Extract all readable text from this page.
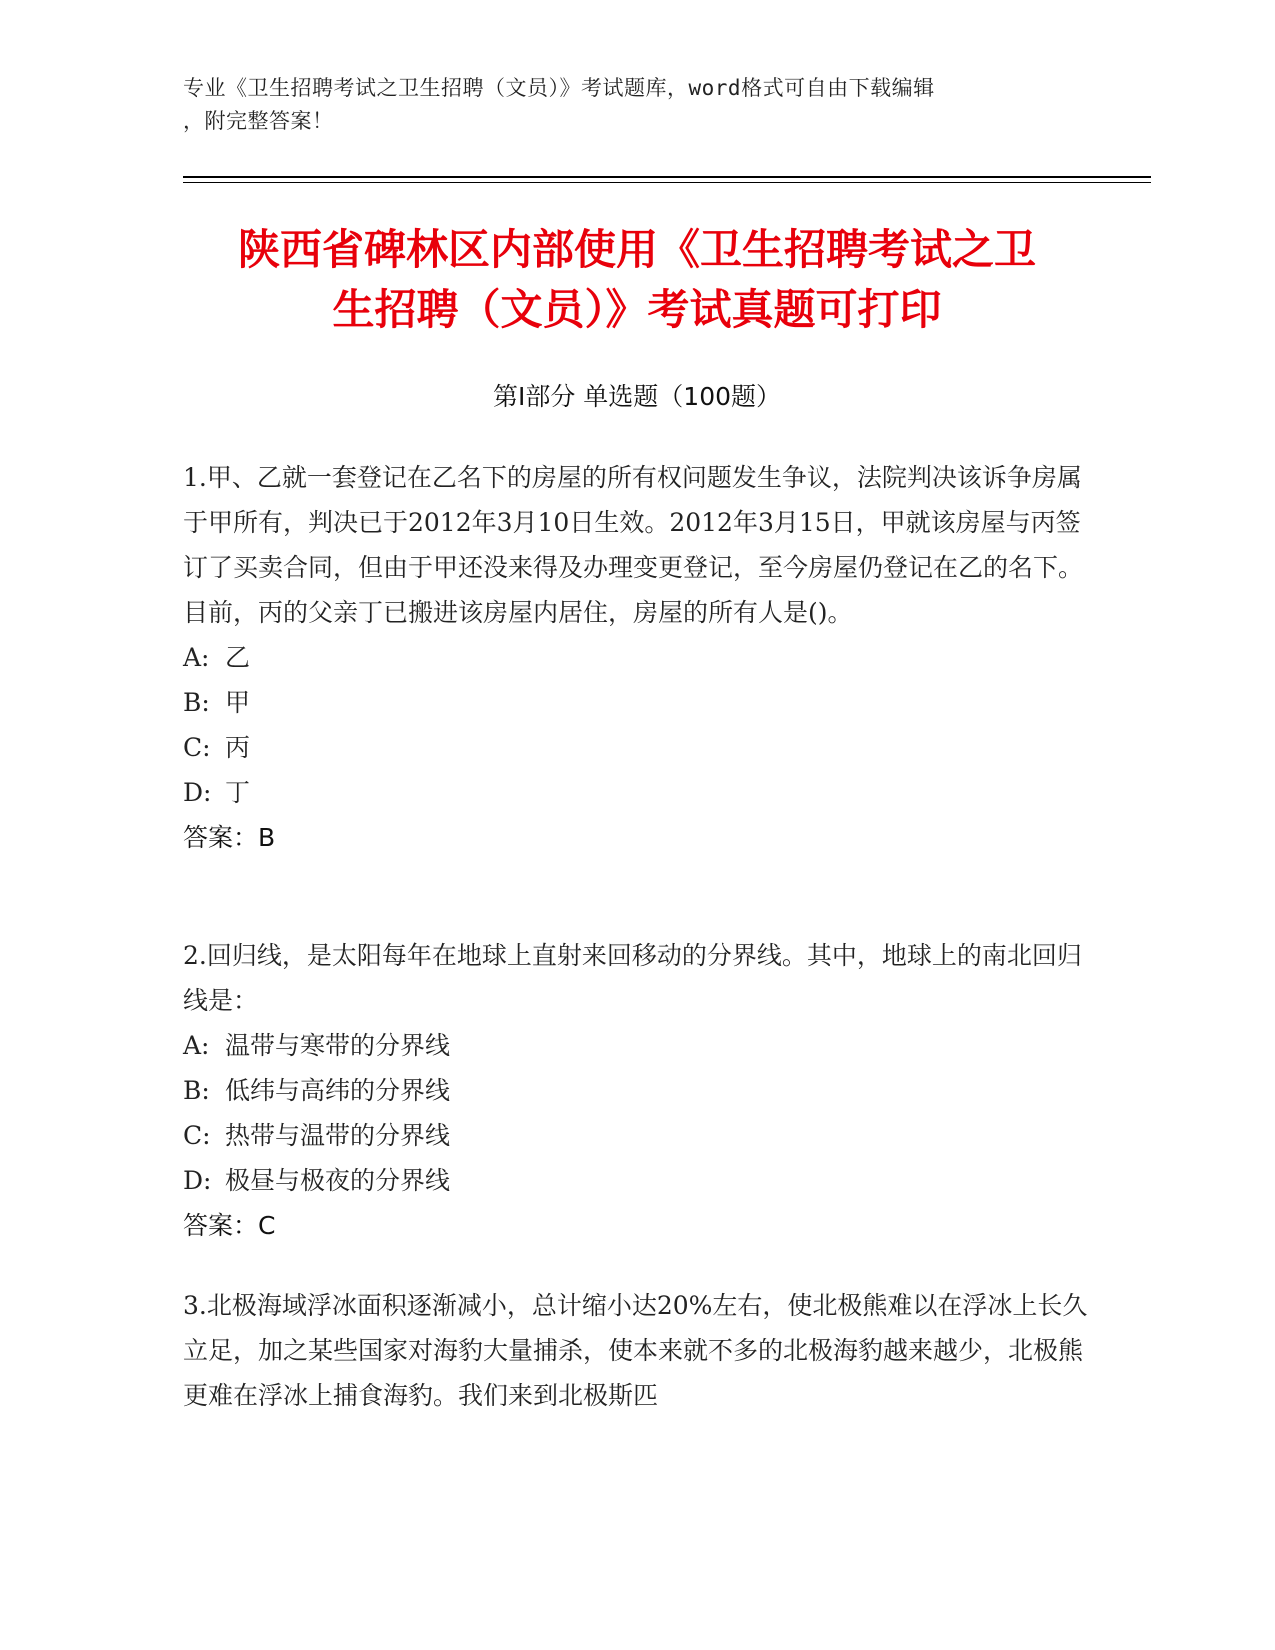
专业《卫生招聘考试之卫生招聘（文员）》考试题库，word格式可自由下载编辑
，附完整答案！
陕西省碑林区内部使用《卫生招聘考试之卫
生招聘（文员）》考试真题可打印
第Ⅰ部分 单选题（100题）

1.甲、乙就一套登记在乙名下的房屋的所有权问题发生争议，法院判决该诉争房属于甲所有，判决已于2012年3月10日生效。2012年3月15日，甲就该房屋与丙签订了买卖合同，但由于甲还没来得及办理变更登记，至今房屋仍登记在乙的名下。目前，丙的父亲丁已搬进该房屋内居住，房屋的所有人是()。

A: 乙

B: 甲

C: 丙

D: 丁

答案：B

2.回归线，是太阳每年在地球上直射来回移动的分界线。其中，地球上的南北回归线是：

A: 温带与寒带的分界线

B: 低纬与高纬的分界线

C: 热带与温带的分界线

D: 极昼与极夜的分界线

答案：C

3.北极海域浮冰面积逐渐减小，总计缩小达20%左右，使北极熊难以在浮冰上长久立足，加之某些国家对海豹大量捕杀，使本来就不多的北极海豹越来越少，北极熊更难在浮冰上捕食海豹。我们来到北极斯匹
